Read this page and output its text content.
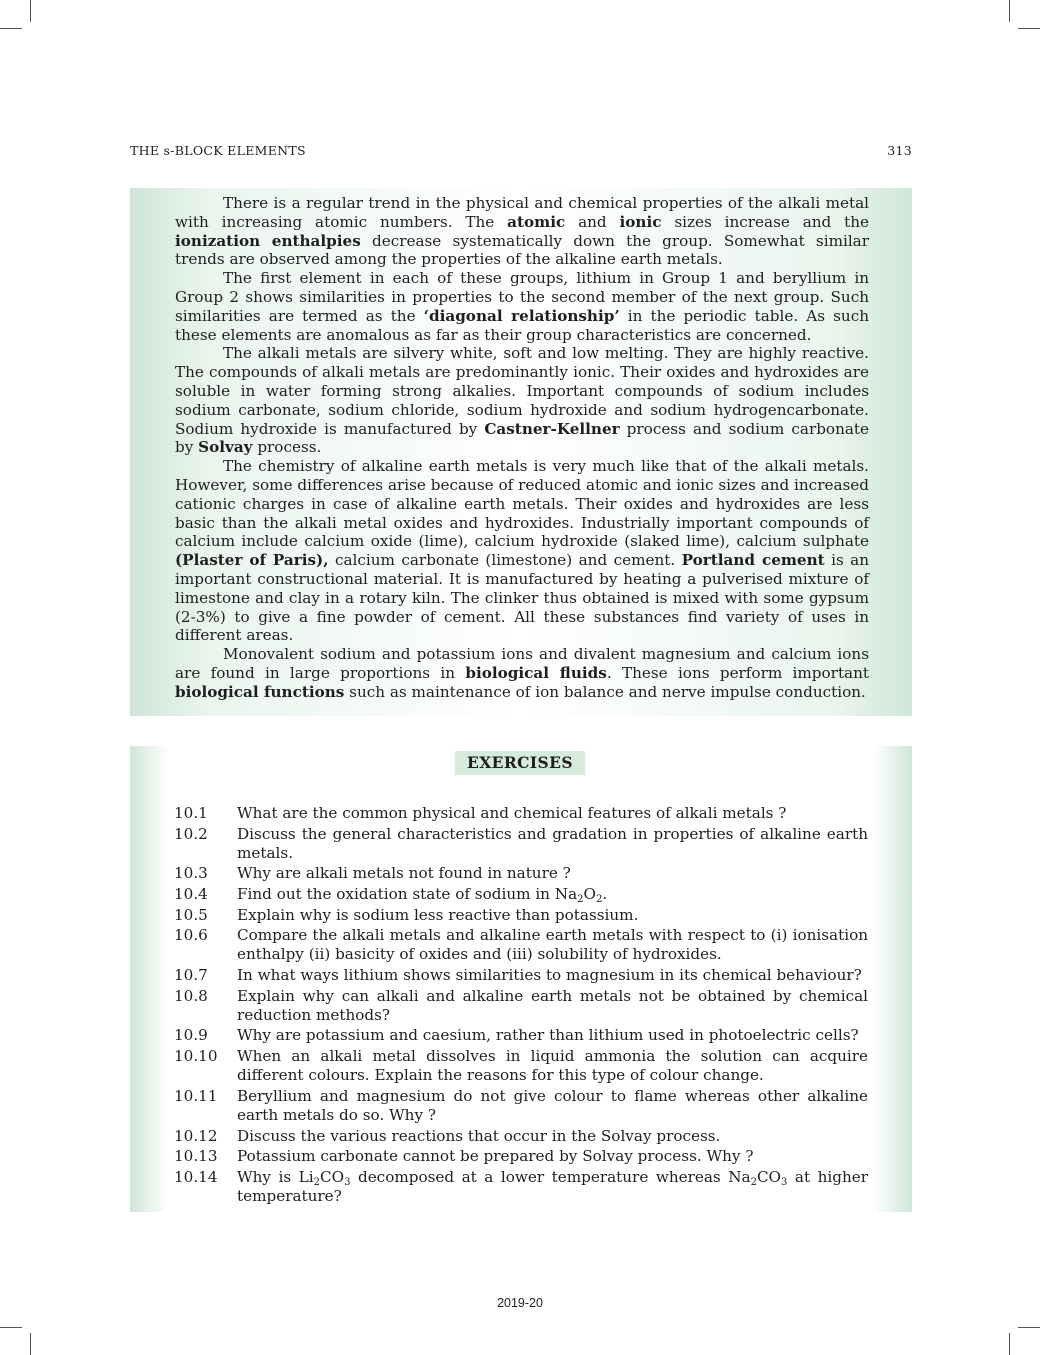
THE s-BLOCK ELEMENTS	313

There is a regular trend in the physical and chemical properties of the alkali metal with increasing atomic numbers. The atomic and ionic sizes increase and the ionization enthalpies decrease systematically down the group. Somewhat similar trends are observed among the properties of the alkaline earth metals.

The first element in each of these groups, lithium in Group 1 and beryllium in Group 2 shows similarities in properties to the second member of the next group. Such similarities are termed as the ‘diagonal relationship’ in the periodic table. As such these elements are anomalous as far as their group characteristics are concerned.

The alkali metals are silvery white, soft and low melting. They are highly reactive. The compounds of alkali metals are predominantly ionic. Their oxides and hydroxides are soluble in water forming strong alkalies. Important compounds of sodium includes sodium carbonate, sodium chloride, sodium hydroxide and sodium hydrogencarbonate. Sodium hydroxide is manufactured by Castner-Kellner process and sodium carbonate by Solvay process.

The chemistry of alkaline earth metals is very much like that of the alkali metals. However, some differences arise because of reduced atomic and ionic sizes and increased cationic charges in case of alkaline earth metals. Their oxides and hydroxides are less basic than the alkali metal oxides and hydroxides. Industrially important compounds of calcium include calcium oxide (lime), calcium hydroxide (slaked lime), calcium sulphate (Plaster of Paris), calcium carbonate (limestone) and cement. Portland cement is an important constructional material. It is manufactured by heating a pulverised mixture of limestone and clay in a rotary kiln. The clinker thus obtained is mixed with some gypsum (2-3%) to give a fine powder of cement. All these substances find variety of uses in different areas.

Monovalent sodium and potassium ions and divalent magnesium and calcium ions are found in large proportions in biological fluids. These ions perform important biological functions such as maintenance of ion balance and nerve impulse conduction.

EXERCISES
10.1	What are the common physical and chemical features of alkali metals ?
10.2	Discuss the general characteristics and gradation in properties of alkaline earth metals.
10.3	Why are alkali metals not found in nature ?
10.4	Find out the oxidation state of sodium in $Na_2O_2$.
10.5	Explain why is sodium less reactive than potassium.
10.6	Compare the alkali metals and alkaline earth metals with respect to (i) ionisation enthalpy (ii) basicity of oxides and (iii) solubility of hydroxides.
10.7	In what ways lithium shows similarities to magnesium in its chemical behaviour?
10.8	Explain why can alkali and alkaline earth metals not be obtained by chemical reduction methods?
10.9	Why are potassium and caesium, rather than lithium used in photoelectric cells?
10.10	When an alkali metal dissolves in liquid ammonia the solution can acquire different colours. Explain the reasons for this type of colour change.
10.11	Beryllium and magnesium do not give colour to flame whereas other alkaline earth metals do so. Why ?
10.12	Discuss the various reactions that occur in the Solvay process.
10.13	Potassium carbonate cannot be prepared by Solvay process. Why ?
10.14	Why is $Li_2CO_3$ decomposed at a lower temperature whereas $Na_2CO_3$ at higher temperature?
2019-20
